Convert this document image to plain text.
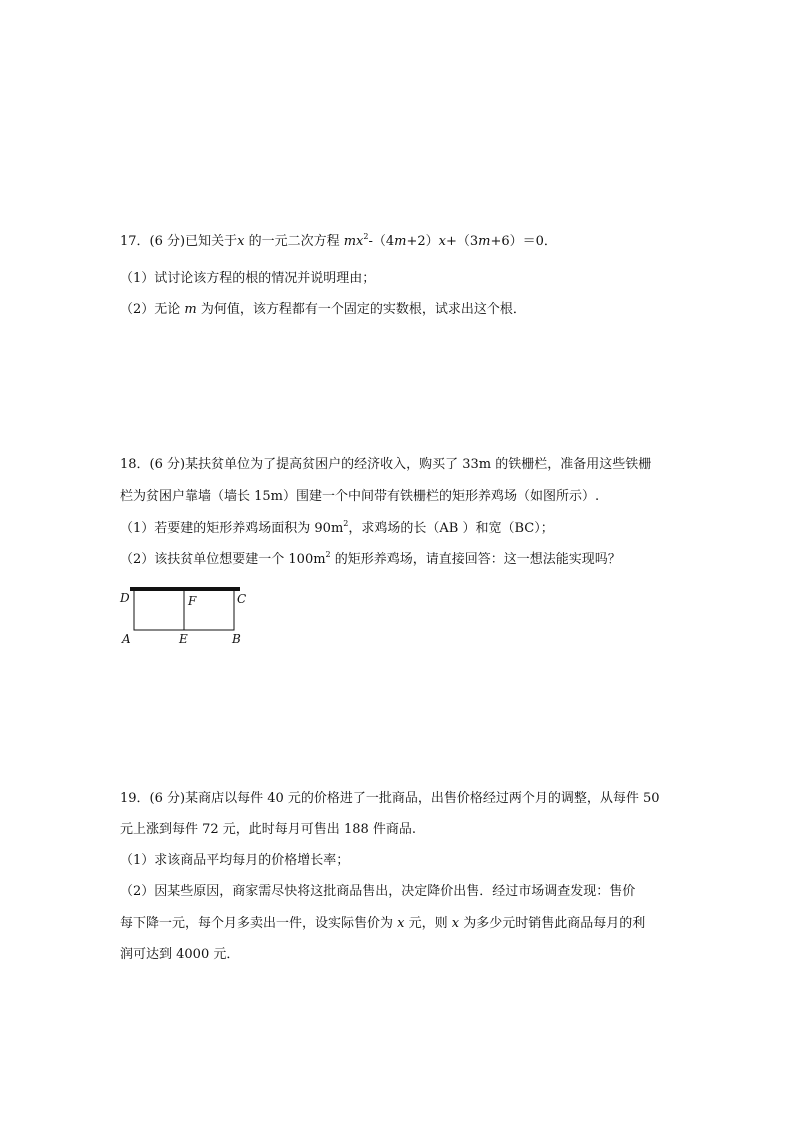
17．(6 分)已知关于x 的一元二次方程 $mx^2-(4m+2)x+(3m+6)=0$．
（1）试讨论该方程的根的情况并说明理由；
（2）无论 m 为何值，该方程都有一个固定的实数根，试求出这个根．
18．(6 分)某扶贫单位为了提高贫困户的经济收入，购买了 33m 的铁栅栏，准备用这些铁栅
栏为贫困户靠墙（墙长 15m）围建一个中间带有铁栅栏的矩形养鸡场（如图所示）.
（1）若要建的矩形养鸡场面积为 $90m^2$，求鸡场的长（AB ）和宽（BC）；
（2）该扶贫单位想要建一个 $100m^2$ 的矩形养鸡场，请直接回答：这一想法能实现吗？
D	F	C
A	E	B
19．(6 分)某商店以每件 40 元的价格进了一批商品，出售价格经过两个月的调整，从每件 50
元上涨到每件 72 元，此时每月可售出 188 件商品.
（1）求该商品平均每月的价格增长率；
（2）因某些原因，商家需尽快将这批商品售出，决定降价出售．经过市场调查发现：售价
每下降一元，每个月多卖出一件，设实际售价为 x 元，则 x 为多少元时销售此商品每月的利
润可达到 4000 元．
